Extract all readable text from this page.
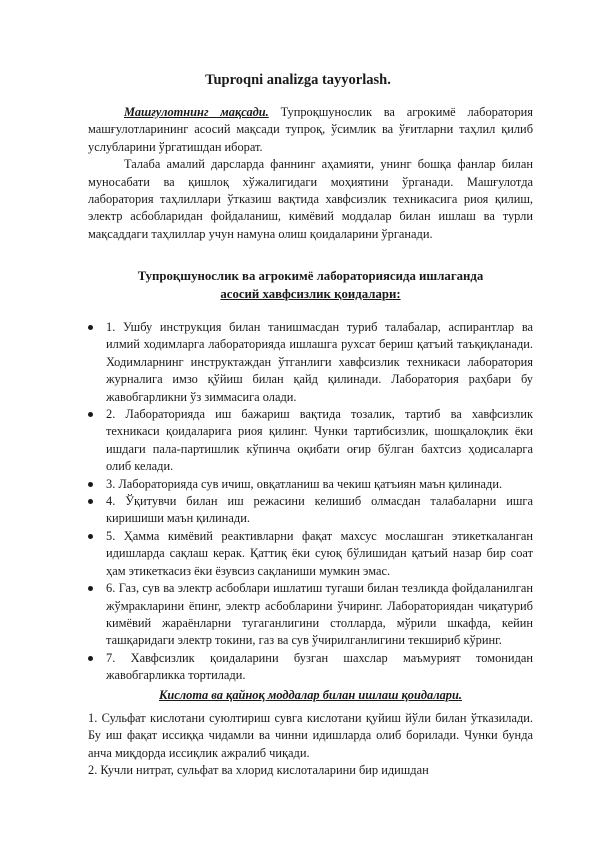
Tuproqni analizga tayyorlash.

Машғулотнинг мақсади. Тупроқшунослик ва агрокимё лаборатория машғулотларининг асосий мақсади тупроқ, ўсимлик ва ўғитларни таҳлил қилиб услубларини ўргатишдан иборат.

Талаба амалий дарсларда фаннинг аҳамияти, унинг бошқа фанлар билан муносабати ва қишлоқ хўжалигидаги моҳиятини ўрганади. Машғулотда лаборатория таҳлиллари ўтказиш вақтида хавфсизлик техникасига риоя қилиш, электр асбобларидан фойдаланиш, кимёвий моддалар билан ишлаш ва турли мақсаддаги таҳлиллар учун намуна олиш қоидаларини ўрганади.

Тупроқшунослик ва агрокимё лабораториясида ишлаганда
асосий хавфсизлик қоидалари:
1. Ушбу инструкция билан танишмасдан туриб талабалар, аспирантлар ва илмий ходимларга лабораторияда ишлашга рухсат бериш қатъий таъқиқланади. Ходимларнинг инструктаждан ўтганлиги хавфсизлик техникаси лаборатория журналига имзо қўйиш билан қайд қилинади. Лаборатория раҳбари бу жавобгарликни ўз зиммасига олади.
2. Лабораторияда иш бажариш вақтида тозалик, тартиб ва хавфсизлик техникаси қоидаларига риоя қилинг. Чунки тартибсизлик, шошқалоқлик ёки ишдаги пала-партишлик кўпинча оқибати оғир бўлган бахтсиз ҳодисаларга олиб келади.
3. Лабораторияда сув ичиш, овқатланиш ва чекиш қатъиян маън қилинади.
4. Ўқитувчи билан иш режасини келишиб олмасдан талабаларни ишга киришиши маън қилинади.
5. Ҳамма кимёвий реактивларни фақат махсус мослашган этикеткаланган идишларда сақлаш керак. Қаттиқ ёки суюқ бўлишидан қатъий назар бир соат ҳам этикеткасиз ёки ёзувсиз сақланиши мумкин эмас.
6. Газ, сув ва электр асбоблари ишлатиш тугаши билан тезликда фойдаланилган жўмракларини ёпинг, электр асбобларини ўчиринг. Лабораториядан чиқатуриб кимёвий жараёнларни тугаганлигини столларда, мўрили шкафда, кейин ташқаридаги электр токини, газ ва сув ўчирилганлигини текшириб кўринг.
7. Хавфсизлик қоидаларини бузган шахслар маъмурият томонидан жавобгарликка тортилади.
Кислота ва қайноқ моддалар билан ишлаш қоидалари.

1. Сульфат кислотани суюлтириш сувга кислотани қуйиш йўли билан ўтказилади. Бу иш фақат иссиққа чидамли ва чинни идишларда олиб борилади. Чунки бунда анча миқдорда иссиқлик ажралиб чиқади.

2. Кучли нитрат, сульфат ва хлорид кислоталарини бир идишдан
